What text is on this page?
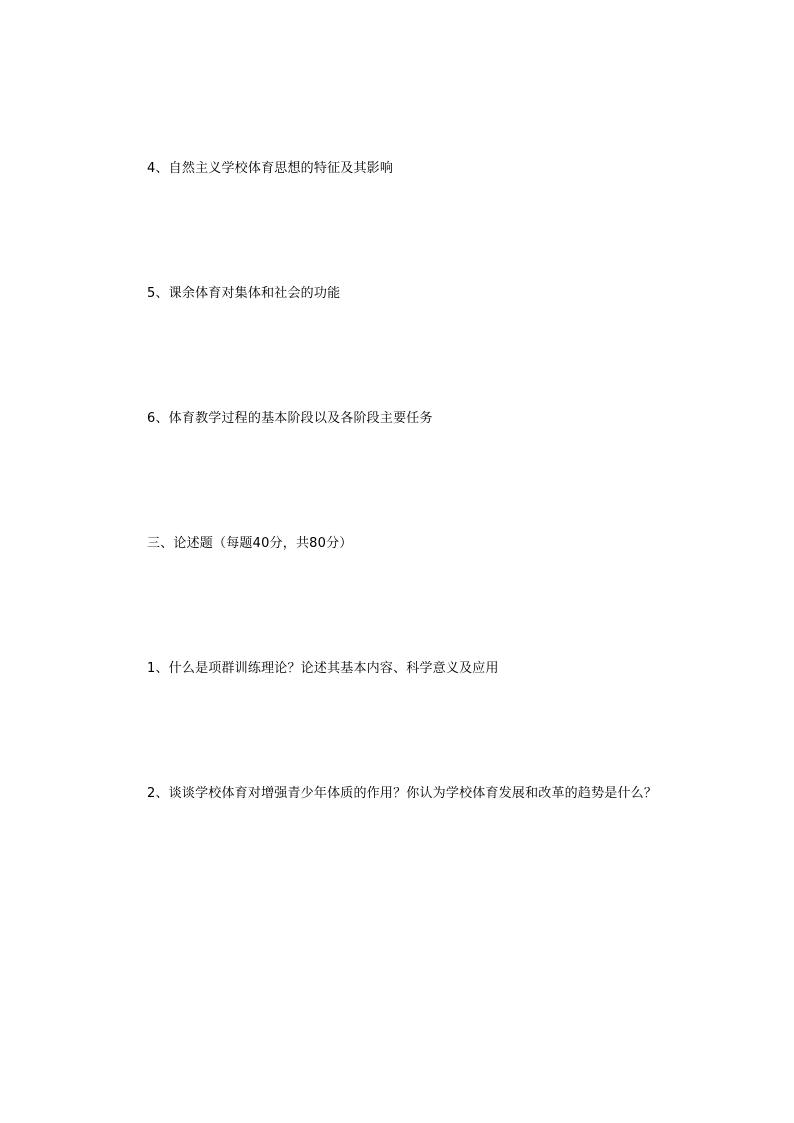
4、自然主义学校体育思想的特征及其影响
5、课余体育对集体和社会的功能
6、体育教学过程的基本阶段以及各阶段主要任务
三、论述题（每题40分，共80分）
1、什么是项群训练理论？论述其基本内容、科学意义及应用
2、谈谈学校体育对增强青少年体质的作用？你认为学校体育发展和改革的趋势是什么？
